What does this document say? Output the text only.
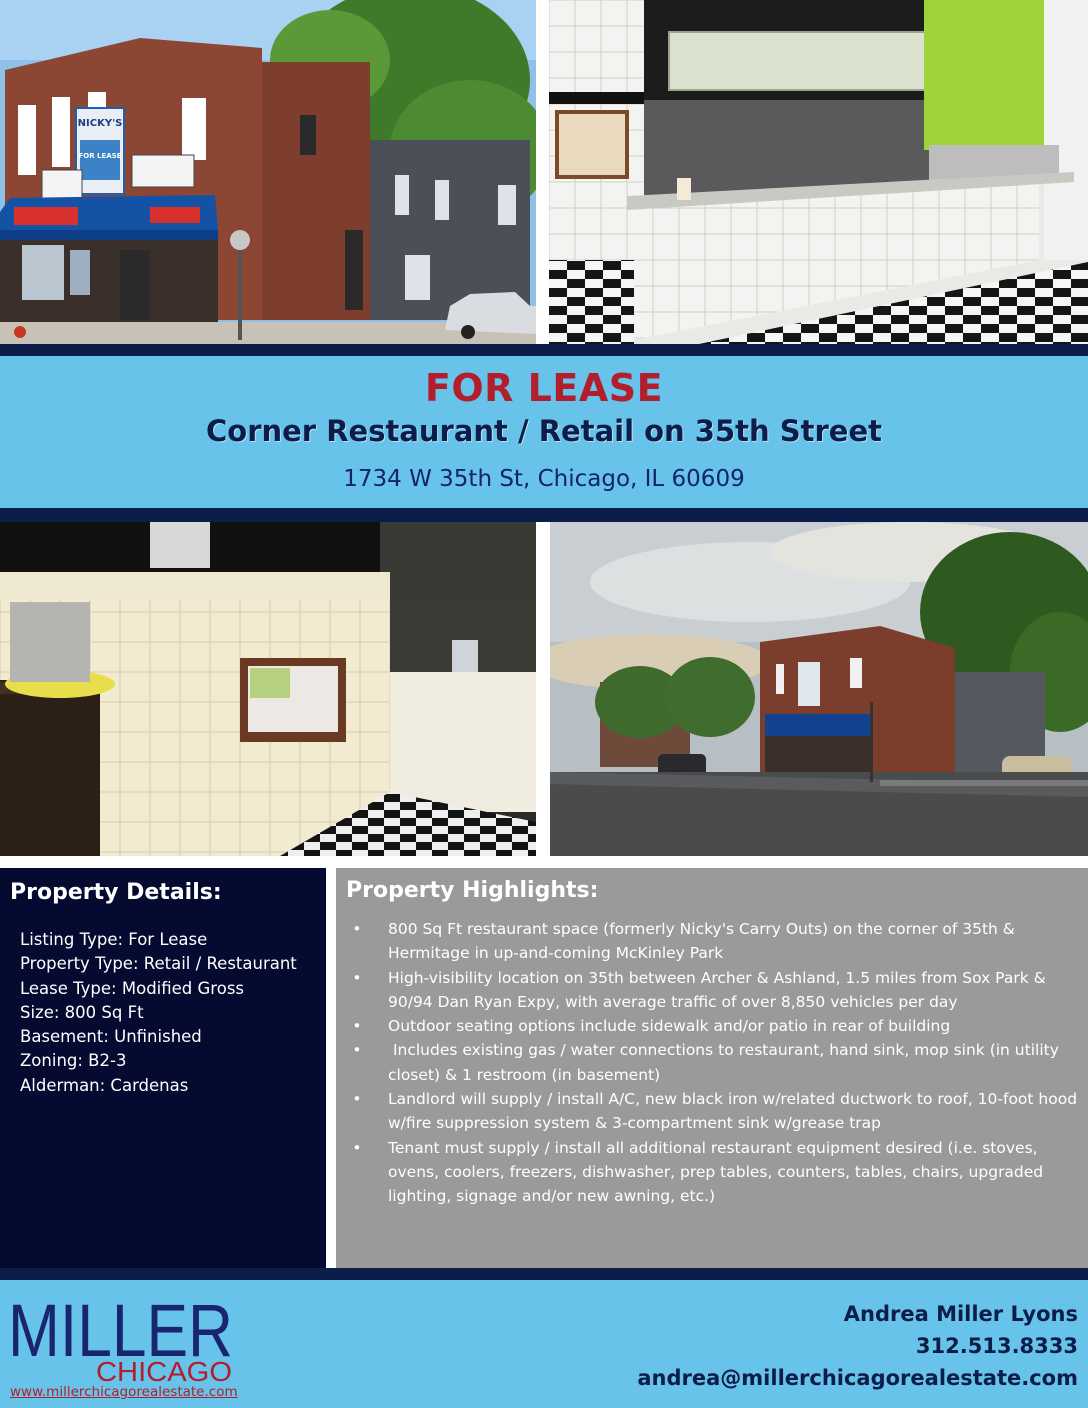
NICKY'S
FOR LEASE
FOR LEASE
Corner Restaurant / Retail on 35th Street
1734 W 35th St, Chicago, IL 60609
Property Details:
Listing Type: For Lease
Property Type: Retail / Restaurant
Lease Type: Modified Gross
Size: 800 Sq Ft
Basement: Unfinished
Zoning: B2-3
Alderman: Cardenas
Property Highlights:
• 800 Sq Ft restaurant space (formerly Nicky's Carry Outs) on the corner of 35th & Hermitage in up-and-coming McKinley Park
• High-visibility location on 35th between Archer & Ashland, 1.5 miles from Sox Park & 90/94 Dan Ryan Expy, with average traffic of over 8,850 vehicles per day
• Outdoor seating options include sidewalk and/or patio in rear of building
• Includes existing gas / water connections to restaurant, hand sink, mop sink (in utility closet) & 1 restroom (in basement)
• Landlord will supply / install A/C, new black iron w/related ductwork to roof, 10-foot hood w/fire suppression system & 3-compartment sink w/grease trap
• Tenant must supply / install all additional restaurant equipment desired (i.e. stoves, ovens, coolers, freezers, dishwasher, prep tables, counters, tables, chairs, upgraded lighting, signage and/or new awning, etc.)
MILLER
CHICAGO
www.millerchicagorealestate.com
Andrea Miller Lyons
312.513.8333
andrea@millerchicagorealestate.com
